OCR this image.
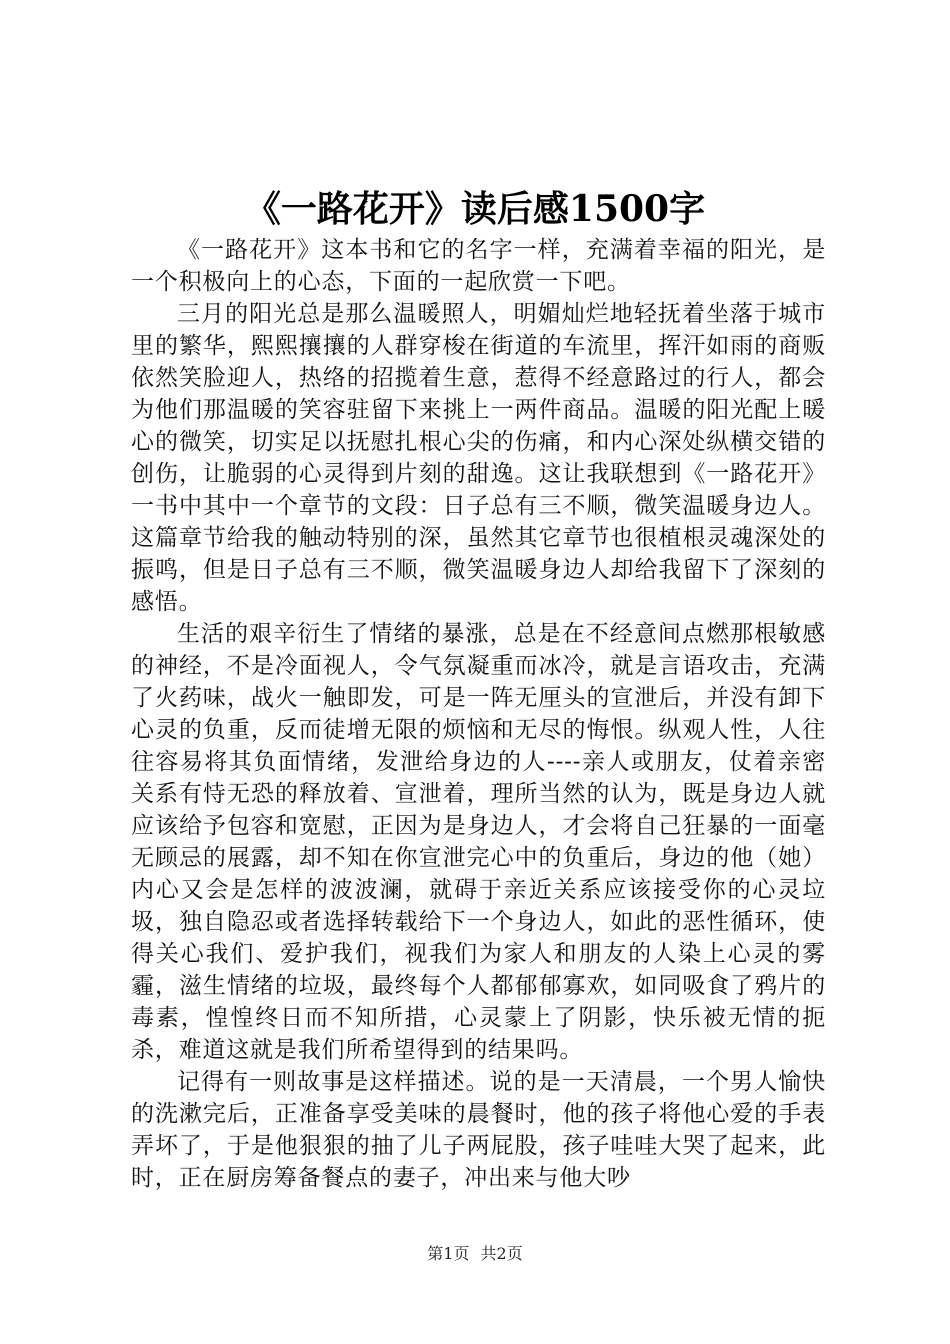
《一路花开》读后感1500字

《一路花开》这本书和它的名字一样，充满着幸福的阳光，是一个积极向上的心态，下面的一起欣赏一下吧。

三月的阳光总是那么温暖照人，明媚灿烂地轻抚着坐落于城市里的繁华，熙熙攘攘的人群穿梭在街道的车流里，挥汗如雨的商贩依然笑脸迎人，热络的招揽着生意，惹得不经意路过的行人，都会为他们那温暖的笑容驻留下来挑上一两件商品。温暖的阳光配上暖心的微笑，切实足以抚慰扎根心尖的伤痛，和内心深处纵横交错的创伤，让脆弱的心灵得到片刻的甜逸。这让我联想到《一路花开》一书中其中一个章节的文段：日子总有三不顺，微笑温暖身边人。这篇章节给我的触动特别的深，虽然其它章节也很植根灵魂深处的振鸣，但是日子总有三不顺，微笑温暖身边人却给我留下了深刻的感悟。

生活的艰辛衍生了情绪的暴涨，总是在不经意间点燃那根敏感的神经，不是冷面视人，令气氛凝重而冰冷，就是言语攻击，充满了火药味，战火一触即发，可是一阵无厘头的宣泄后，并没有卸下心灵的负重，反而徒增无限的烦恼和无尽的悔恨。纵观人性，人往往容易将其负面情绪，发泄给身边的人----亲人或朋友，仗着亲密关系有恃无恐的释放着、宣泄着，理所当然的认为，既是身边人就应该给予包容和宽慰，正因为是身边人，才会将自己狂暴的一面毫无顾忌的展露，却不知在你宣泄完心中的负重后，身边的他（她）内心又会是怎样的波波澜，就碍于亲近关系应该接受你的心灵垃圾，独自隐忍或者选择转载给下一个身边人，如此的恶性循环，使得关心我们、爱护我们，视我们为家人和朋友的人染上心灵的雾霾，滋生情绪的垃圾，最终每个人都郁郁寡欢，如同吸食了鸦片的毒素，惶惶终日而不知所措，心灵蒙上了阴影，快乐被无情的扼杀，难道这就是我们所希望得到的结果吗。

记得有一则故事是这样描述。说的是一天清晨，一个男人愉快的洗漱完后，正准备享受美味的晨餐时，他的孩子将他心爱的手表弄坏了，于是他狠狠的抽了儿子两屁股，孩子哇哇大哭了起来，此时，正在厨房筹备餐点的妻子，冲出来与他大吵

第1页 共2页
